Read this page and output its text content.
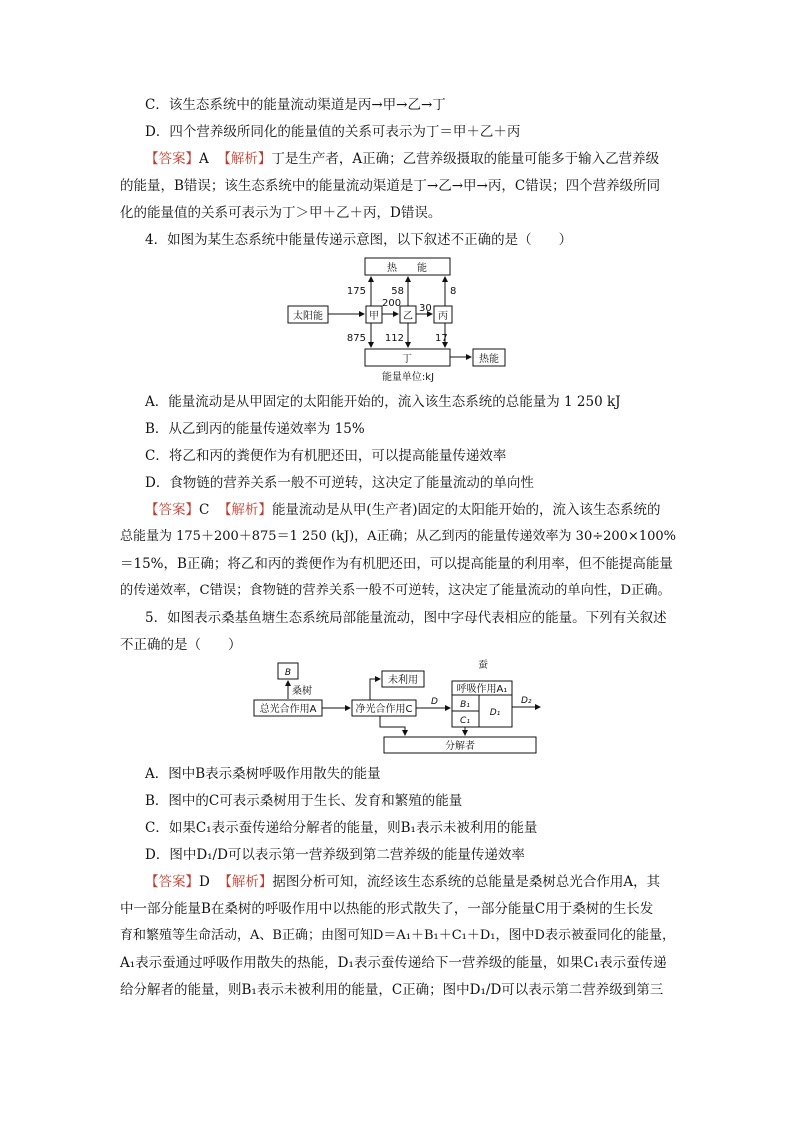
C．该生态系统中的能量流动渠道是丙→甲→乙→丁
D．四个营养级所同化的能量值的关系可表示为丁＝甲＋乙＋丙
【答案】A 【解析】丁是生产者，A正确；乙营养级摄取的能量可能多于输入乙营养级
的能量，B错误；该生态系统中的能量流动渠道是丁→乙→甲→丙，C错误；四个营养级所同
化的能量值的关系可表示为丁＞甲＋乙＋丙，D错误。
4．如图为某生态系统中能量传递示意图，以下叙述不正确的是（　　）
热　　能
太阳能	甲 乙	丙
丁	热能
175
200
58
30
8
875 112	17
能量单位:kJ
A．能量流动是从甲固定的太阳能开始的，流入该生态系统的总能量为 1 250 kJ
B．从乙到丙的能量传递效率为 15%
C．将乙和丙的粪便作为有机肥还田，可以提高能量传递效率
D．食物链的营养关系一般不可逆转，这决定了能量流动的单向性
【答案】C 【解析】能量流动是从甲(生产者)固定的太阳能开始的，流入该生态系统的
总能量为 175＋200＋875＝1 250 (kJ)，A正确；从乙到丙的能量传递效率为 30÷200×100%
＝15%，B正确；将乙和丙的粪便作为有机肥还田，可以提高能量的利用率，但不能提高能量
的传递效率，C错误；食物链的营养关系一般不可逆转，这决定了能量流动的单向性，D正确。
5．如图表示桑基鱼塘生态系统局部能量流动，图中字母代表相应的能量。下列有关叙述
不正确的是（　　）
B
桑树
总光合作用A	净光合作用C
未利用
D
蚕
呼吸作用A₁
B₁
C₁
D₁
D₂
分解者
A．图中B表示桑树呼吸作用散失的能量
B．图中的C可表示桑树用于生长、发育和繁殖的能量
C．如果C₁表示蚕传递给分解者的能量，则B₁表示未被利用的能量
D．图中D₁/D可以表示第一营养级到第二营养级的能量传递效率
【答案】D 【解析】据图分析可知，流经该生态系统的总能量是桑树总光合作用A，其
中一部分能量B在桑树的呼吸作用中以热能的形式散失了，一部分能量C用于桑树的生长发
育和繁殖等生命活动，A、B正确；由图可知D＝A₁＋B₁＋C₁＋D₁，图中D表示被蚕同化的能量，
A₁表示蚕通过呼吸作用散失的热能，D₁表示蚕传递给下一营养级的能量，如果C₁表示蚕传递
给分解者的能量，则B₁表示未被利用的能量，C正确；图中D₁/D可以表示第二营养级到第三
